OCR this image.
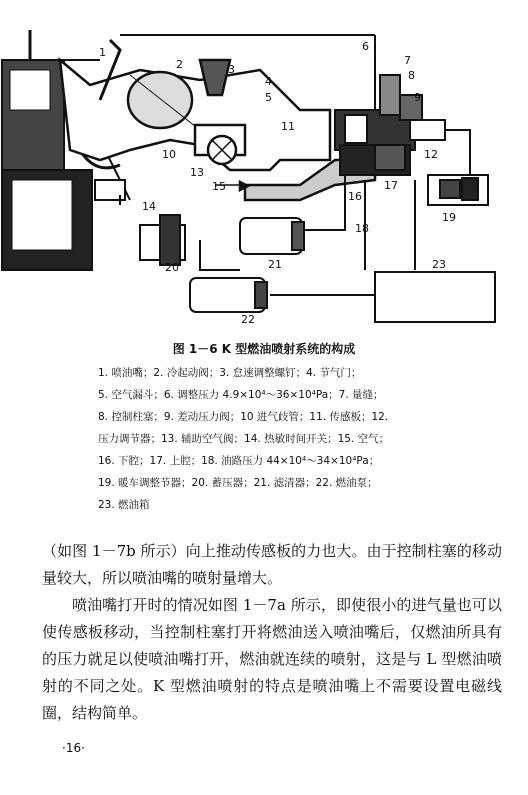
1
2	3
4
5
6
7
8
9
10
11
12
13
14
15
16
17
18
19
20	21
22
23
图 1－6 K 型燃油喷射系统的构成
1. 喷油嘴；2. 冷起动阀；3. 怠速调整螺钉；4. 节气门；
5. 空气漏斗；6. 调整压力 4.9×10⁴～36×10⁴Pa；7. 量缝；
8. 控制柱塞；9. 差动压力阀；10 进气歧管；11. 传感板；12.
压力调节器；13. 辅助空气阀；14. 热敏时间开关；15. 空气；
16. 下腔；17. 上腔；18. 油路压力 44×10⁴～34×10⁴Pa；
19. 暖车调整节器；20. 蓄压器；21. 滤清器；22. 燃油泵；
23. 燃油箱

（如图 1－7b 所示）向上推动传感板的力也大。由于控制柱塞的移动量较大，所以喷油嘴的喷射量增大。

喷油嘴打开时的情况如图 1－7a 所示，即使很小的进气量也可以使传感板移动，当控制柱塞打开将燃油送入喷油嘴后，仅燃油所具有的压力就足以使喷油嘴打开，燃油就连续的喷射，这是与 L 型燃油喷射的不同之处。K 型燃油喷射的特点是喷油嘴上不需要设置电磁线圈，结构简单。

·16·
